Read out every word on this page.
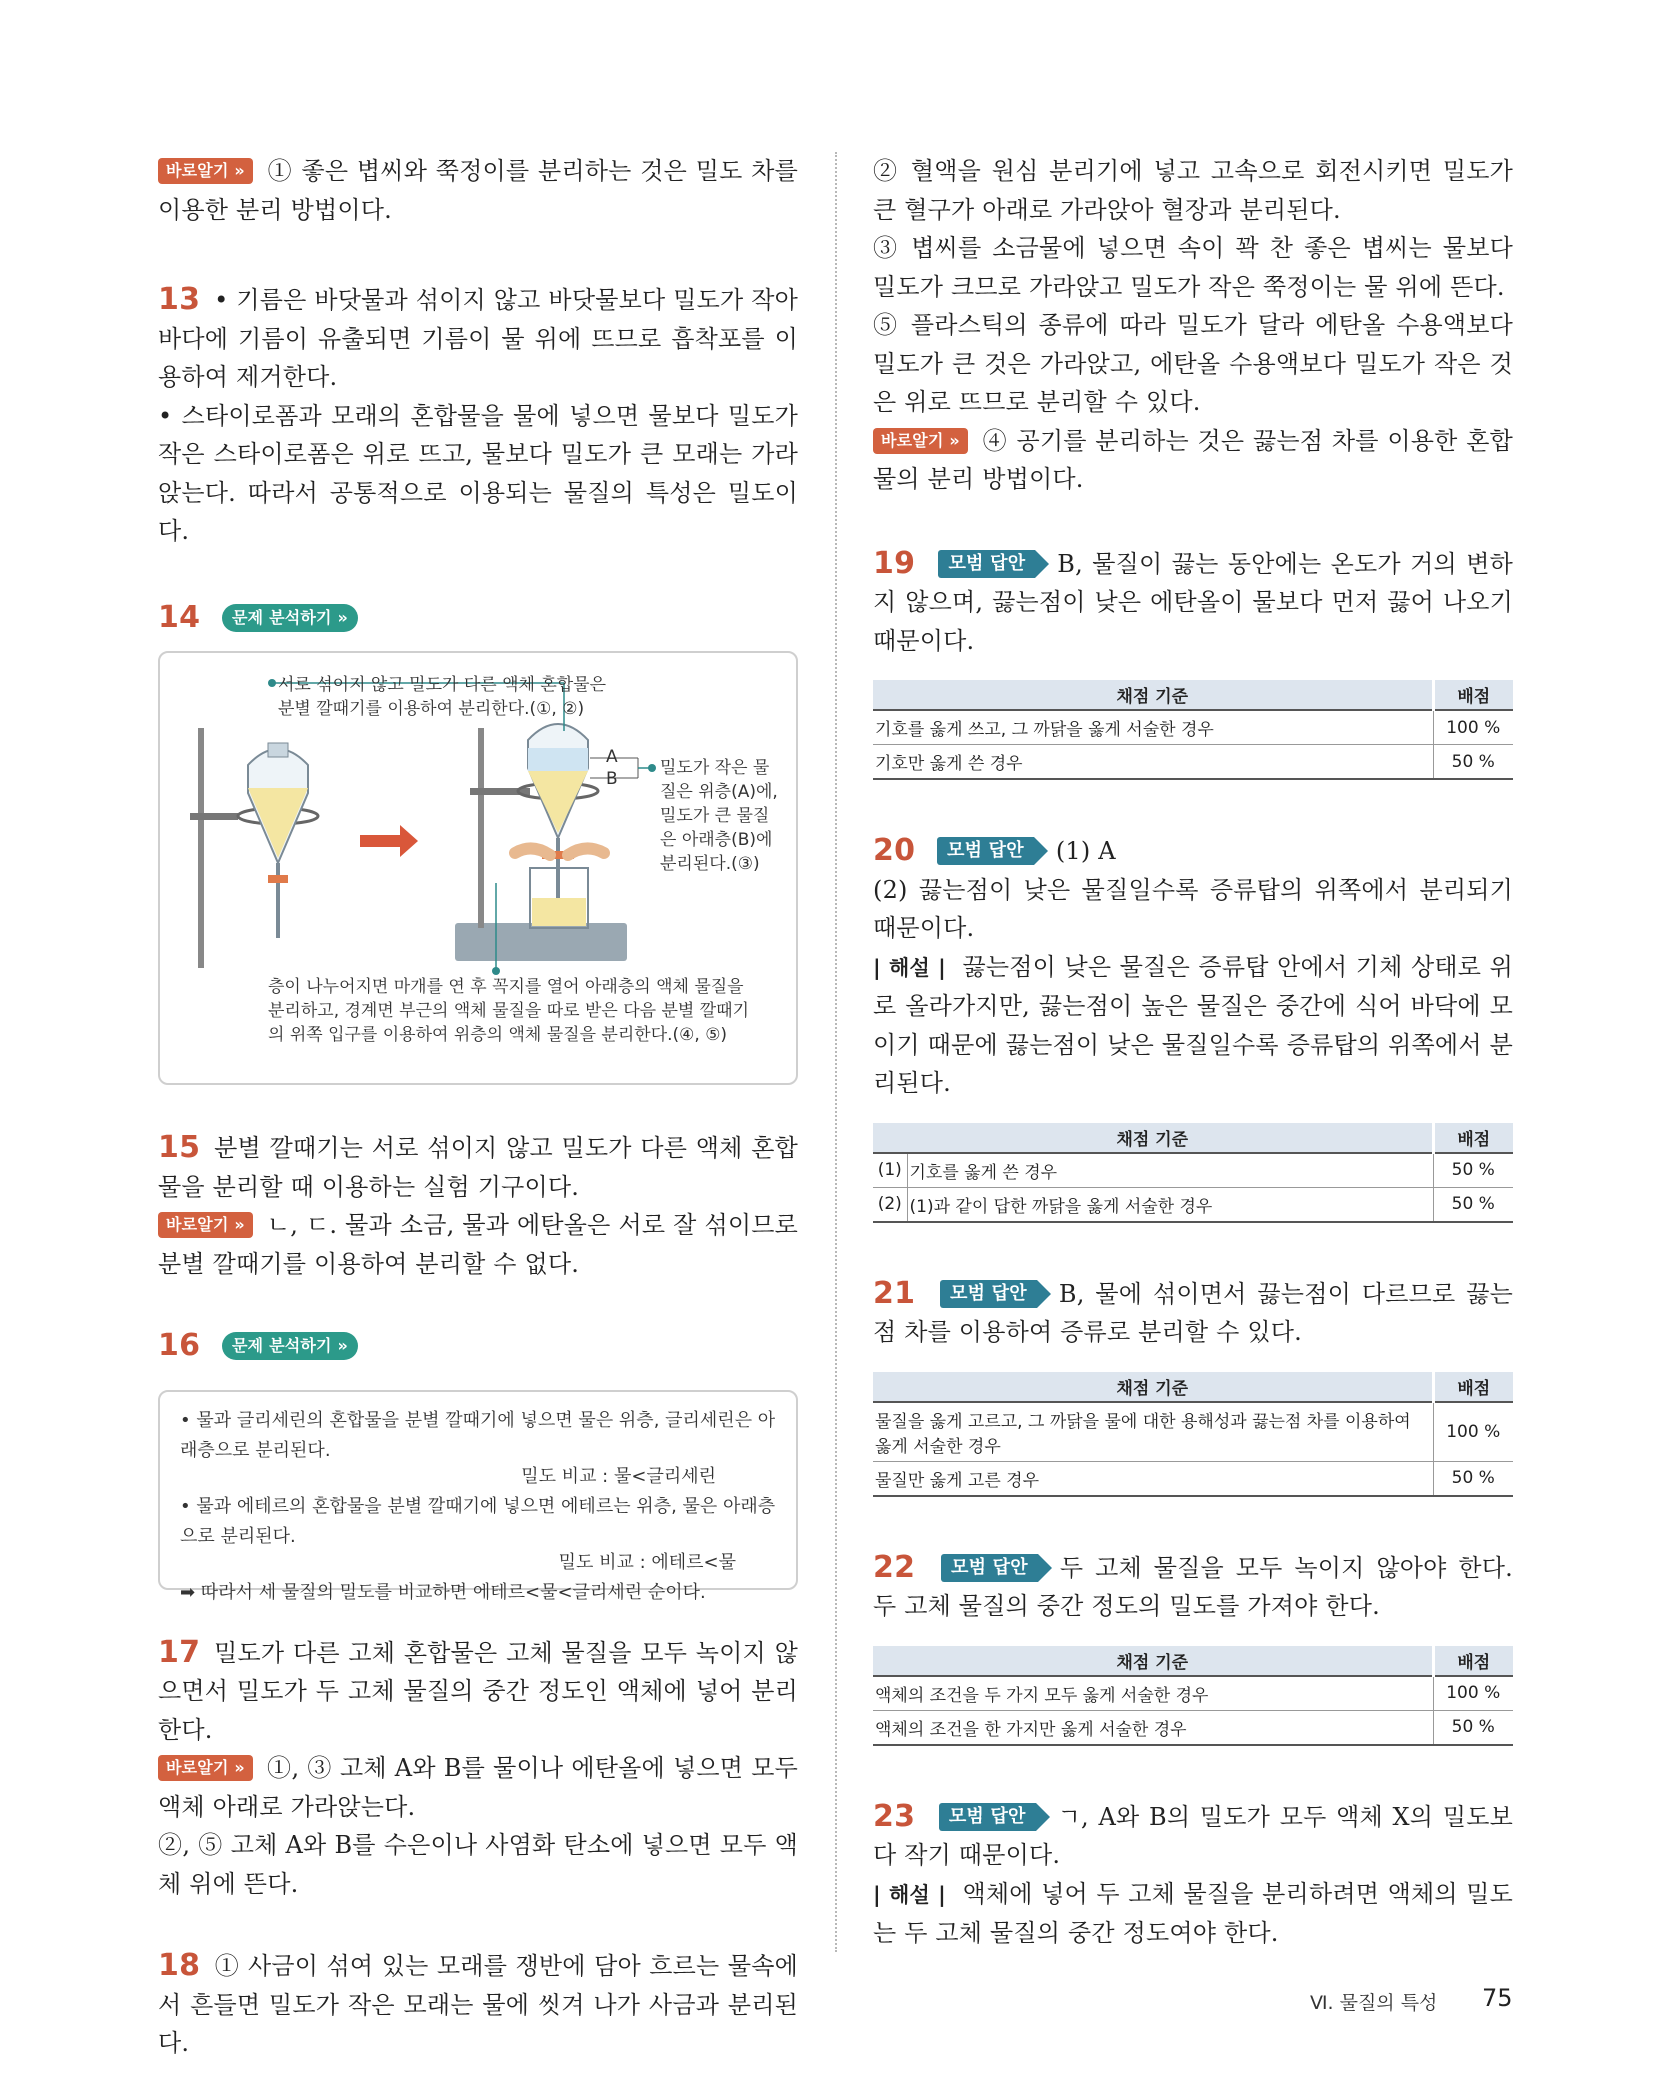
바로알기 » ① 좋은 볍씨와 쭉정이를 분리하는 것은 밀도 차를 이용한 분리 방법이다.

13 • 기름은 바닷물과 섞이지 않고 바닷물보다 밀도가 작아 바다에 기름이 유출되면 기름이 물 위에 뜨므로 흡착포를 이용하여 제거한다.

• 스타이로폼과 모래의 혼합물을 물에 넣으면 물보다 밀도가 작은 스타이로폼은 위로 뜨고, 물보다 밀도가 큰 모래는 가라앉는다. 따라서 공통적으로 이용되는 물질의 특성은 밀도이다.

14 문제 분석하기 »

서로 섞이지 않고 밀도가 다른 액체 혼합물은 분별 깔때기를 이용하여 분리한다.(①, ②)
A
B
밀도가 작은 물질은 위층(A)에, 밀도가 큰 물질은 아래층(B)에 분리된다.(③)
층이 나누어지면 마개를 연 후 꼭지를 열어 아래층의 액체 물질을 분리하고, 경계면 부근의 액체 물질을 따로 받은 다음 분별 깔때기의 위쪽 입구를 이용하여 위층의 액체 물질을 분리한다.(④, ⑤)

15 분별 깔때기는 서로 섞이지 않고 밀도가 다른 액체 혼합물을 분리할 때 이용하는 실험 기구이다.

바로알기 » ㄴ, ㄷ. 물과 소금, 물과 에탄올은 서로 잘 섞이므로 분별 깔때기를 이용하여 분리할 수 없다.

16 문제 분석하기 »

• 물과 글리세린의 혼합물을 분별 깔때기에 넣으면 물은 위층, 글리세린은 아래층으로 분리된다.
밀도 비교 : 물<글리세린
• 물과 에테르의 혼합물을 분별 깔때기에 넣으면 에테르는 위층, 물은 아래층으로 분리된다.
밀도 비교 : 에테르<물
➡ 따라서 세 물질의 밀도를 비교하면 에테르<물<글리세린 순이다.

17 밀도가 다른 고체 혼합물은 고체 물질을 모두 녹이지 않으면서 밀도가 두 고체 물질의 중간 정도인 액체에 넣어 분리한다.

바로알기 » ①, ③ 고체 A와 B를 물이나 에탄올에 넣으면 모두 액체 아래로 가라앉는다.

②, ⑤ 고체 A와 B를 수은이나 사염화 탄소에 넣으면 모두 액체 위에 뜬다.

18 ① 사금이 섞여 있는 모래를 쟁반에 담아 흐르는 물속에서 흔들면 밀도가 작은 모래는 물에 씻겨 나가 사금과 분리된다.

② 혈액을 원심 분리기에 넣고 고속으로 회전시키면 밀도가 큰 혈구가 아래로 가라앉아 혈장과 분리된다.

③ 볍씨를 소금물에 넣으면 속이 꽉 찬 좋은 볍씨는 물보다 밀도가 크므로 가라앉고 밀도가 작은 쭉정이는 물 위에 뜬다.

⑤ 플라스틱의 종류에 따라 밀도가 달라 에탄올 수용액보다 밀도가 큰 것은 가라앉고, 에탄올 수용액보다 밀도가 작은 것은 위로 뜨므로 분리할 수 있다.

바로알기 » ④ 공기를 분리하는 것은 끓는점 차를 이용한 혼합물의 분리 방법이다.

19 모범 답안 B, 물질이 끓는 동안에는 온도가 거의 변하지 않으며, 끓는점이 낮은 에탄올이 물보다 먼저 끓어 나오기 때문이다.

채점 기준	배점
기호를 옳게 쓰고, 그 까닭을 옳게 서술한 경우	100 %
기호만 옳게 쓴 경우	50 %

20 모범 답안 (1) A

(2) 끓는점이 낮은 물질일수록 증류탑의 위쪽에서 분리되기 때문이다.

| 해설 | 끓는점이 낮은 물질은 증류탑 안에서 기체 상태로 위로 올라가지만, 끓는점이 높은 물질은 중간에 식어 바닥에 모이기 때문에 끓는점이 낮은 물질일수록 증류탑의 위쪽에서 분리된다.

채점 기준		배점
(1)	기호를 옳게 쓴 경우	50 %
(2)	(1)과 같이 답한 까닭을 옳게 서술한 경우	50 %

21 모범 답안 B, 물에 섞이면서 끓는점이 다르므로 끓는점 차를 이용하여 증류로 분리할 수 있다.

채점 기준	배점
물질을 옳게 고르고, 그 까닭을 물에 대한 용해성과 끓는점 차를 이용하여 옳게 서술한 경우	100 %
물질만 옳게 고른 경우	50 %

22 모범 답안 두 고체 물질을 모두 녹이지 않아야 한다. 두 고체 물질의 중간 정도의 밀도를 가져야 한다.

채점 기준	배점
액체의 조건을 두 가지 모두 옳게 서술한 경우	100 %
액체의 조건을 한 가지만 옳게 서술한 경우	50 %

23 모범 답안 ㄱ, A와 B의 밀도가 모두 액체 X의 밀도보다 작기 때문이다.

| 해설 | 액체에 넣어 두 고체 물질을 분리하려면 액체의 밀도는 두 고체 물질의 중간 정도여야 한다.

Ⅵ. 물질의 특성 75
